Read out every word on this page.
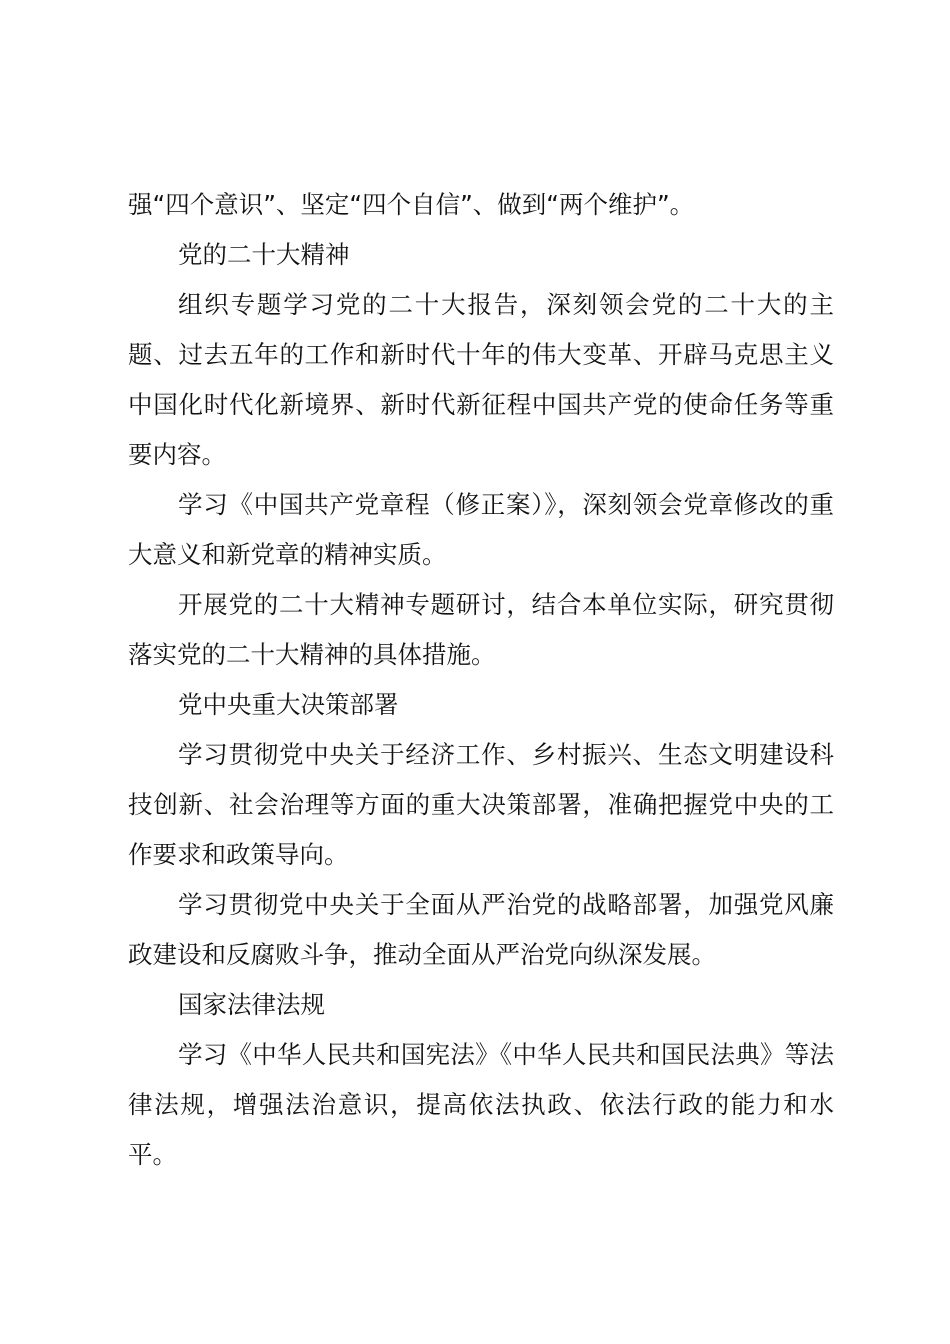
强“四个意识”、坚定“四个自信”、做到“两个维护”。

党的二十大精神

组织专题学习党的二十大报告，深刻领会党的二十大的主题、过去五年的工作和新时代十年的伟大变革、开辟马克思主义中国化时代化新境界、新时代新征程中国共产党的使命任务等重要内容。

学习《中国共产党章程（修正案）》，深刻领会党章修改的重大意义和新党章的精神实质。

开展党的二十大精神专题研讨，结合本单位实际，研究贯彻落实党的二十大精神的具体措施。

党中央重大决策部署

学习贯彻党中央关于经济工作、乡村振兴、生态文明建设科技创新、社会治理等方面的重大决策部署，准确把握党中央的工作要求和政策导向。

学习贯彻党中央关于全面从严治党的战略部署，加强党风廉政建设和反腐败斗争，推动全面从严治党向纵深发展。

国家法律法规

学习《中华人民共和国宪法》《中华人民共和国民法典》等法律法规，增强法治意识，提高依法执政、依法行政的能力和水平。
